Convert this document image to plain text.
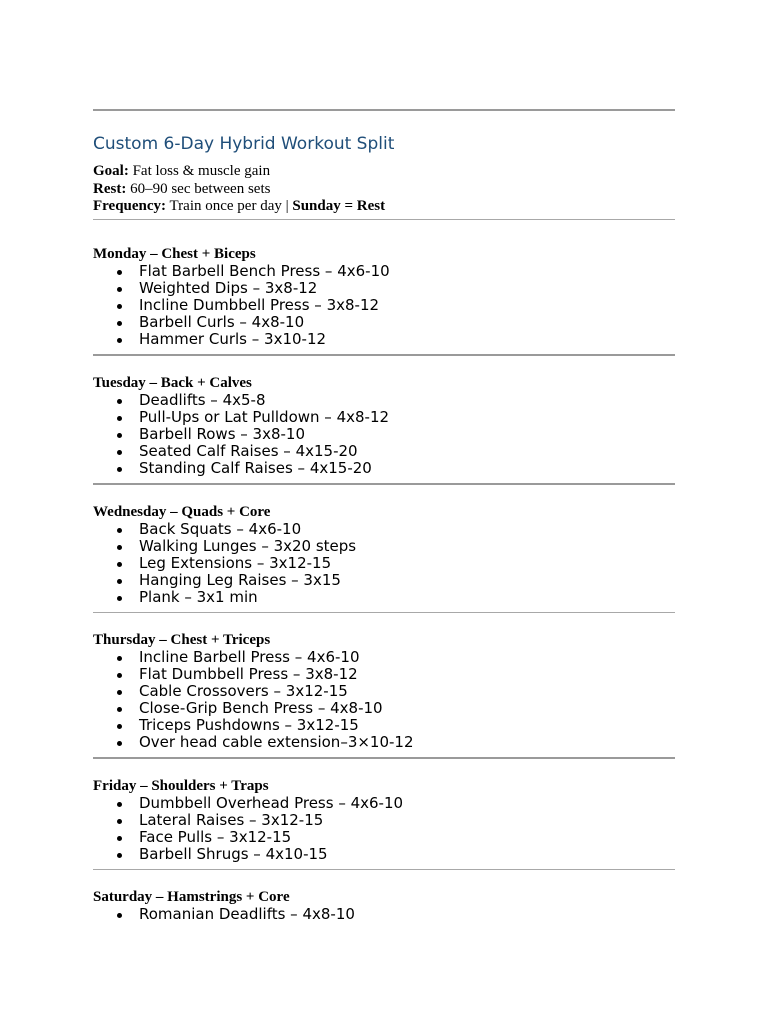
Custom 6-Day Hybrid Workout Split
Goal: Fat loss & muscle gain
Rest: 60–90 sec between sets
Frequency: Train once per day | Sunday = Rest
Monday – Chest + Biceps
Flat Barbell Bench Press – 4x6-10
Weighted Dips – 3x8-12
Incline Dumbbell Press – 3x8-12
Barbell Curls – 4x8-10
Hammer Curls – 3x10-12
Tuesday – Back + Calves
Deadlifts – 4x5-8
Pull-Ups or Lat Pulldown – 4x8-12
Barbell Rows – 3x8-10
Seated Calf Raises – 4x15-20
Standing Calf Raises – 4x15-20
Wednesday – Quads + Core
Back Squats – 4x6-10
Walking Lunges – 3x20 steps
Leg Extensions – 3x12-15
Hanging Leg Raises – 3x15
Plank – 3x1 min
Thursday – Chest + Triceps
Incline Barbell Press – 4x6-10
Flat Dumbbell Press – 3x8-12
Cable Crossovers – 3x12-15
Close-Grip Bench Press – 4x8-10
Triceps Pushdowns – 3x12-15
Over head cable extension–3×10-12
Friday – Shoulders + Traps
Dumbbell Overhead Press – 4x6-10
Lateral Raises – 3x12-15
Face Pulls – 3x12-15
Barbell Shrugs – 4x10-15
Saturday – Hamstrings + Core
Romanian Deadlifts – 4x8-10
